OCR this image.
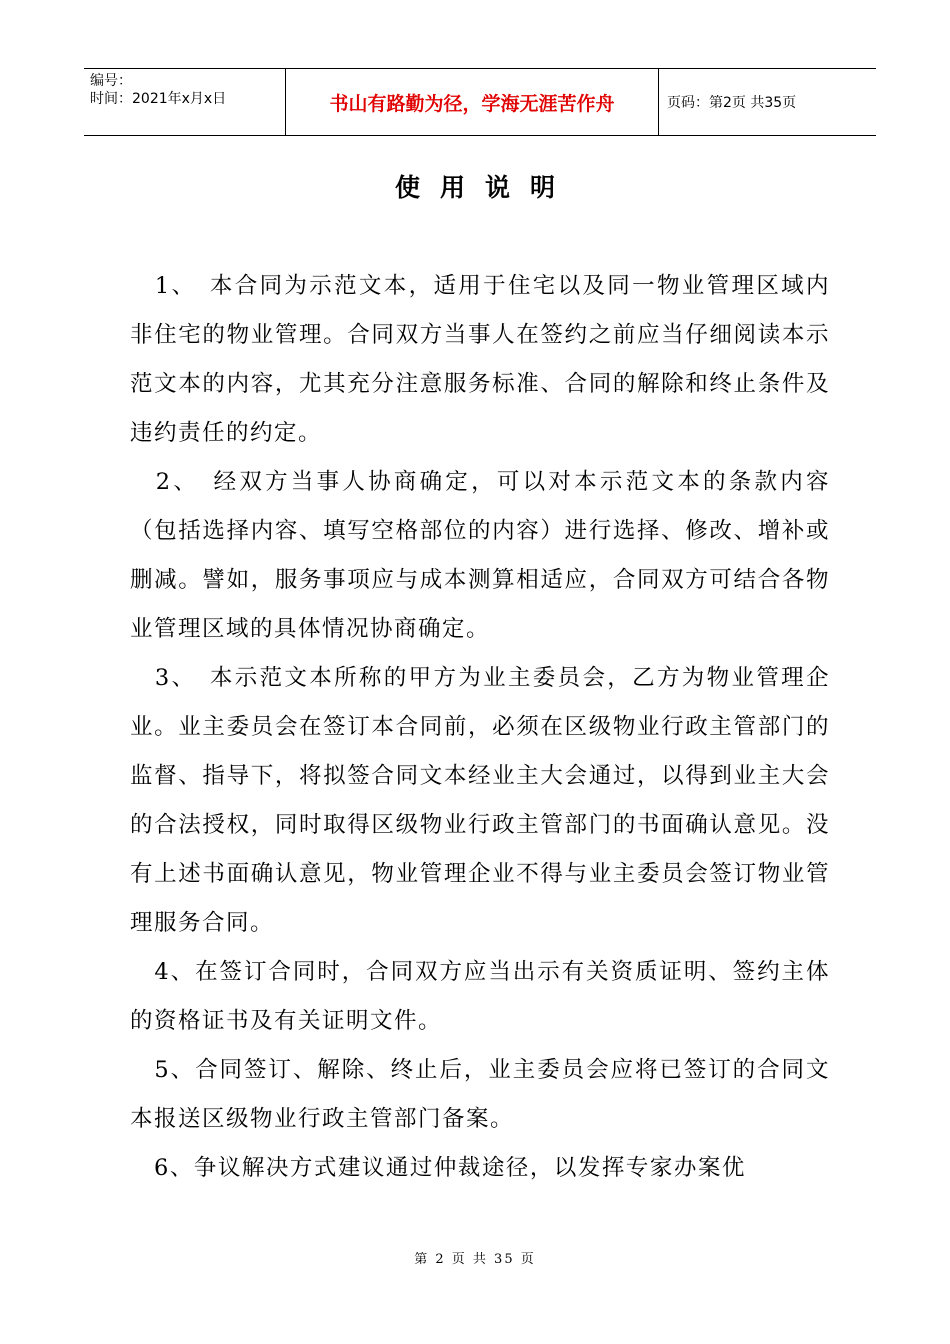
编号：
时间：2021年x月x日	书山有路勤为径，学海无涯苦作舟	页码：第2页 共35页
使用说明

　1、　本合同为示范文本，适用于住宅以及同一物业管理区域内非住宅的物业管理。合同双方当事人在签约之前应当仔细阅读本示范文本的内容，尤其充分注意服务标准、合同的解除和终止条件及违约责任的约定。

　2、　经双方当事人协商确定，可以对本示范文本的条款内容（包括选择内容、填写空格部位的内容）进行选择、修改、增补或删减。譬如，服务事项应与成本测算相适应，合同双方可结合各物业管理区域的具体情况协商确定。

　3、　本示范文本所称的甲方为业主委员会，乙方为物业管理企业。业主委员会在签订本合同前，必须在区级物业行政主管部门的监督、指导下，将拟签合同文本经业主大会通过，以得到业主大会的合法授权，同时取得区级物业行政主管部门的书面确认意见。没有上述书面确认意见，物业管理企业不得与业主委员会签订物业管理服务合同。

　4、在签订合同时，合同双方应当出示有关资质证明、签约主体的资格证书及有关证明文件。

　5、合同签订、解除、终止后，业主委员会应将已签订的合同文本报送区级物业行政主管部门备案。

　6、争议解决方式建议通过仲裁途径，以发挥专家办案优

第 2 页 共 35 页
